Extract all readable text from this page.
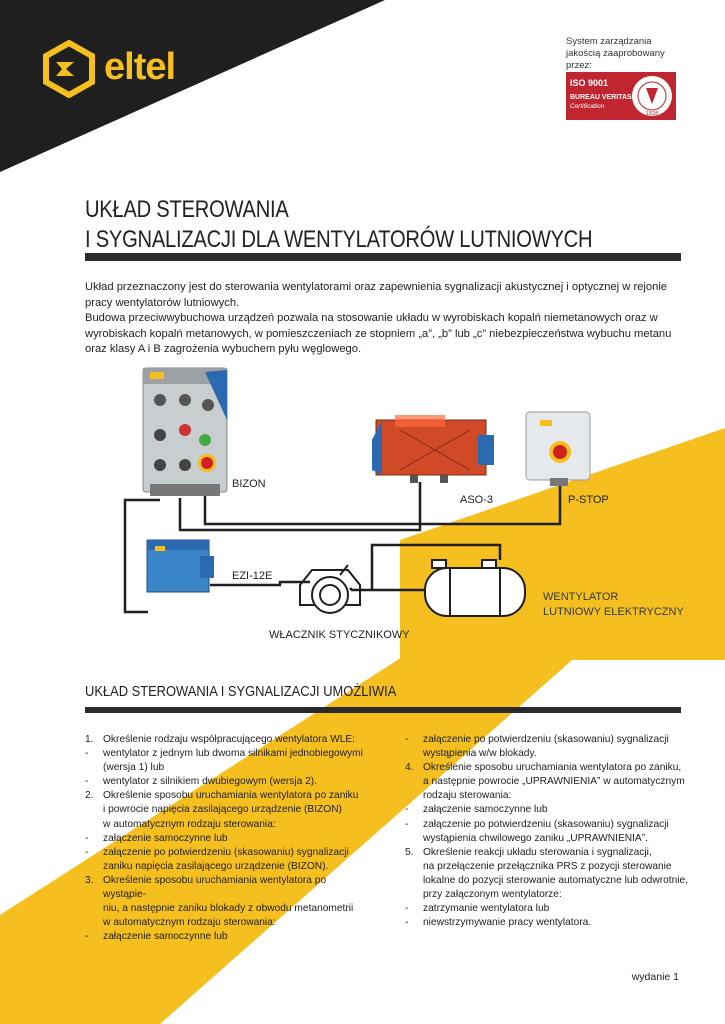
eltel
System zarządzania jakością zaaprobowany przez:
ISO 9001
BUREAU VERITAS
Certification
1828
UKŁAD STEROWANIA
I SYGNALIZACJI DLA WENTYLATORÓW LUTNIOWYCH

Układ przeznaczony jest do sterowania wentylatorami oraz zapewnienia sygnalizacji akustycznej i optycznej w rejonie pracy wentylatorów lutniowych.

Budowa przeciwwybuchowa urządzeń pozwala na stosowanie układu w wyrobiskach kopalń niemetanowych oraz w wyrobiskach kopalń metanowych, w pomieszczeniach ze stopniem „a”, „b” lub „c” niebezpieczeństwa wybuchu metanu oraz klasy A i B zagrożenia wybuchem pyłu węglowego.

BIZON
ASO-3	P-STOP
EZI-12E
WENTYLATOR
LUTNIOWY ELEKTRYCZNY
WŁACZNIK STYCZNIKOWY
UKŁAD STEROWANIA I SYGNALIZACJI UMOŻLIWIA
1. Określenie rodzaju współpracującego wentylatora WLE:
-	wentylator z jednym lub dwoma silnikami jednobiegowymi
(wersja 1) lub
-	wentylator z silnikiem dwubiegowym (wersja 2).
2. Określenie sposobu uruchamiania wentylatora po zaniku
i powrocie napięcia zasilającego urządzenie (BIZON)
w automatycznym rodzaju sterowania:
-	załączenie samoczynne lub
-	załączenie po potwierdzeniu (skasowaniu) sygnalizacji
zaniku napięcia zasilającego urządzenie (BIZON).
3. Określenie sposobu uruchamiania wentylatora po wystąpie-
niu, a następnie zaniku blokady z obwodu metanometrii
w automatycznym rodzaju sterowania:
-	załączenie samoczynne lub
-	załączenie po potwierdzeniu (skasowaniu) sygnalizacji
wystąpienia w/w blokady.
4. Określenie sposobu uruchamiania wentylatora po zaniku,
a następnie powrocie „UPRAWNIENIA” w automatycznym
rodzaju sterowania:
-	załączenie samoczynne lub
-	załączenie po potwierdzeniu (skasowaniu) sygnalizacji
wystąpienia chwilowego zaniku „UPRAWNIENIA”.
5. Określenie reakcji układu sterowania i sygnalizacji,
na przełączenie przełącznika PRS z pozycji sterowanie
lokalne do pozycji sterowanie automatyczne lub odwrotnie,
przy załączonym wentylatorze:
-	zatrzymanie wentylatora lub
-	niewstrzymywanie pracy wentylatora.
wydanie 1
